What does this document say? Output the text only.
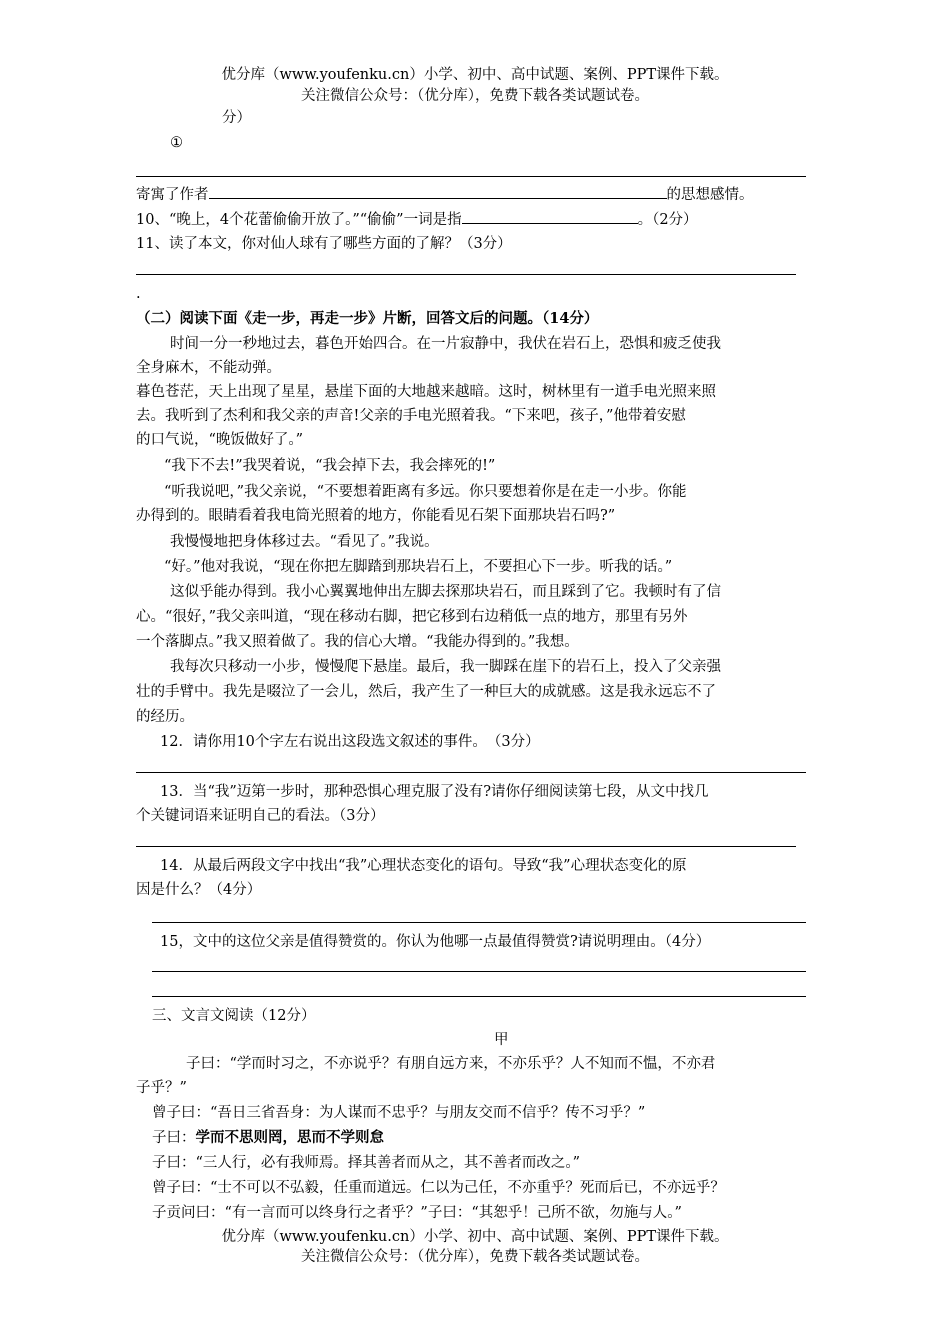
优分库（www.youfenku.cn）小学、初中、高中试题、案例、PPT课件下载。
关注微信公众号：（优分库），免费下载各类试题试卷。
分）
①
寄寓了作者	的思想感情。
10、“晚上，4个花蕾偷偷开放了。”“偷偷”一词是指	。（2分）
11、读了本文，你对仙人球有了哪些方面的了解？（3分）
.
（二）阅读下面《走一步，再走一步》片断，回答文后的问题。（14分）
时间一分一秒地过去，暮色开始四合。在一片寂静中，我伏在岩石上，恐惧和疲乏使我
全身麻木，不能动弹。
暮色苍茫，天上出现了星星，悬崖下面的大地越来越暗。这时，树林里有一道手电光照来照
去。我听到了杰利和我父亲的声音!父亲的手电光照着我。“下来吧，孩子，”他带着安慰
的口气说，“晚饭做好了。”
“我下不去!”我哭着说，“我会掉下去，我会摔死的!”
“听我说吧，”我父亲说，“不要想着距离有多远。你只要想着你是在走一小步。你能
办得到的。眼睛看着我电筒光照着的地方，你能看见石架下面那块岩石吗?”
我慢慢地把身体移过去。“看见了。”我说。
“好。”他对我说，“现在你把左脚踏到那块岩石上，不要担心下一步。听我的话。”
这似乎能办得到。我小心翼翼地伸出左脚去探那块岩石，而且踩到了它。我顿时有了信
心。“很好，”我父亲叫道，“现在移动右脚，把它移到右边稍低一点的地方，那里有另外
一个落脚点。”我又照着做了。我的信心大增。“我能办得到的。”我想。
我每次只移动一小步，慢慢爬下悬崖。最后，我一脚踩在崖下的岩石上，投入了父亲强
壮的手臂中。我先是啜泣了一会儿，然后，我产生了一种巨大的成就感。这是我永远忘不了
的经历。
12．请你用10个字左右说出这段选文叙述的事件。　（3分）
13．当“我”迈第一步时，那种恐惧心理克服了没有?请你仔细阅读第七段，从文中找几
个关键词语来证明自己的看法。（3分）
14．从最后两段文字中找出“我”心理状态变化的语句。导致“我”心理状态变化的原
因是什么？（4分）
15，文中的这位父亲是值得赞赏的。你认为他哪一点最值得赞赏?请说明理由。（4分）
三、文言文阅读（12分）
甲
子曰：“学而时习之，不亦说乎？有朋自远方来，不亦乐乎？人不知而不愠，不亦君
子乎？”
曾子曰：“吾日三省吾身：为人谋而不忠乎？与朋友交而不信乎？传不习乎？”
子曰：学而不思则罔，思而不学则怠
子曰：“三人行，必有我师焉。择其善者而从之，其不善者而改之。”
曾子曰：“士不可以不弘毅，任重而道远。仁以为己任，不亦重乎？死而后已，不亦远乎？
子贡问曰：“有一言而可以终身行之者乎？”子曰：“其恕乎！己所不欲，勿施与人。”
优分库（www.youfenku.cn）小学、初中、高中试题、案例、PPT课件下载。
关注微信公众号：（优分库），免费下载各类试题试卷。
